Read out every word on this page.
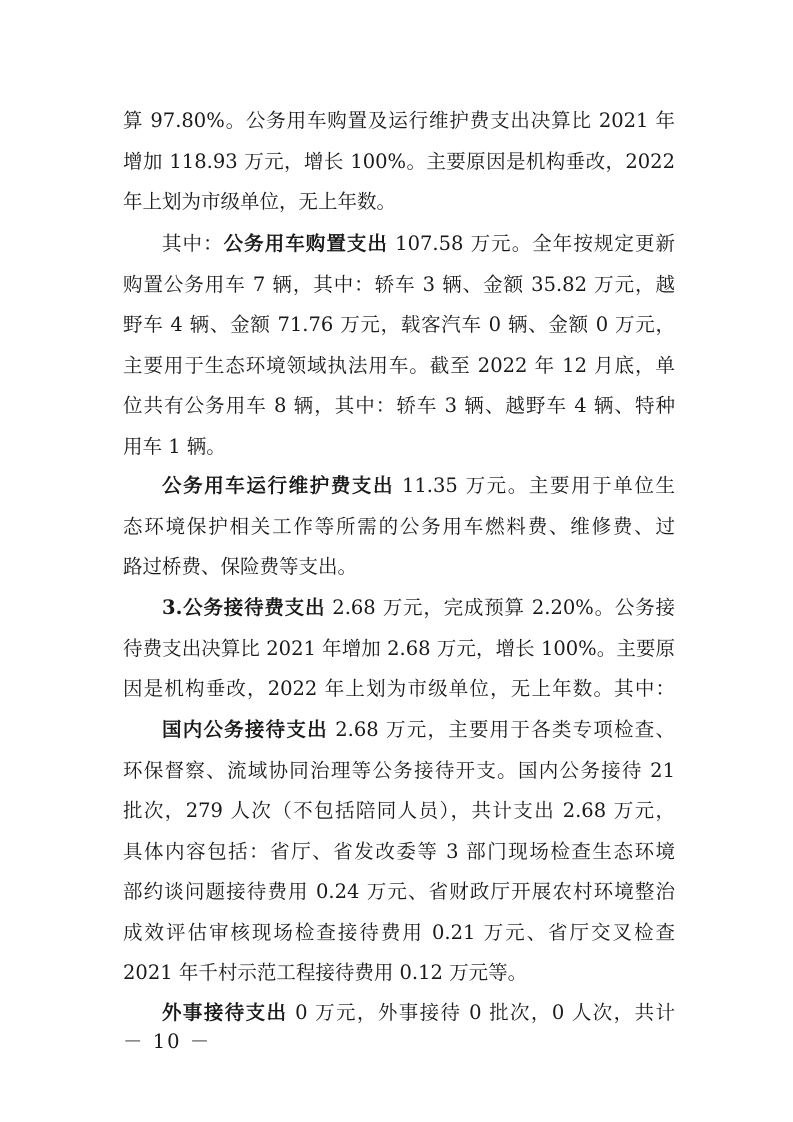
算 97.80%。公务用车购置及运行维护费支出决算比 2021 年
增加 118.93 万元，增长 100%。主要原因是机构垂改，2022
年上划为市级单位，无上年数。
其中：公务用车购置支出 107.58 万元。全年按规定更新
购置公务用车 7 辆，其中：轿车 3 辆、金额 35.82 万元，越
野车 4 辆、金额 71.76 万元，载客汽车 0 辆、金额 0 万元，
主要用于生态环境领域执法用车。截至 2022 年 12 月底，单
位共有公务用车 8 辆，其中：轿车 3 辆、越野车 4 辆、特种
用车 1 辆。
公务用车运行维护费支出 11.35 万元。主要用于单位生
态环境保护相关工作等所需的公务用车燃料费、维修费、过
路过桥费、保险费等支出。
3.公务接待费支出 2.68 万元，完成预算 2.20%。公务接
待费支出决算比 2021 年增加 2.68 万元，增长 100%。主要原
因是机构垂改，2022 年上划为市级单位，无上年数。其中：
国内公务接待支出 2.68 万元，主要用于各类专项检查、
环保督察、流域协同治理等公务接待开支。国内公务接待 21
批次，279 人次（不包括陪同人员），共计支出 2.68 万元，
具体内容包括：省厅、省发改委等 3 部门现场检查生态环境
部约谈问题接待费用 0.24 万元、省财政厅开展农村环境整治
成效评估审核现场检查接待费用 0.21 万元、省厅交叉检查
2021 年千村示范工程接待费用 0.12 万元等。
外事接待支出 0 万元，外事接待 0 批次，0 人次，共计
－ 10 －
